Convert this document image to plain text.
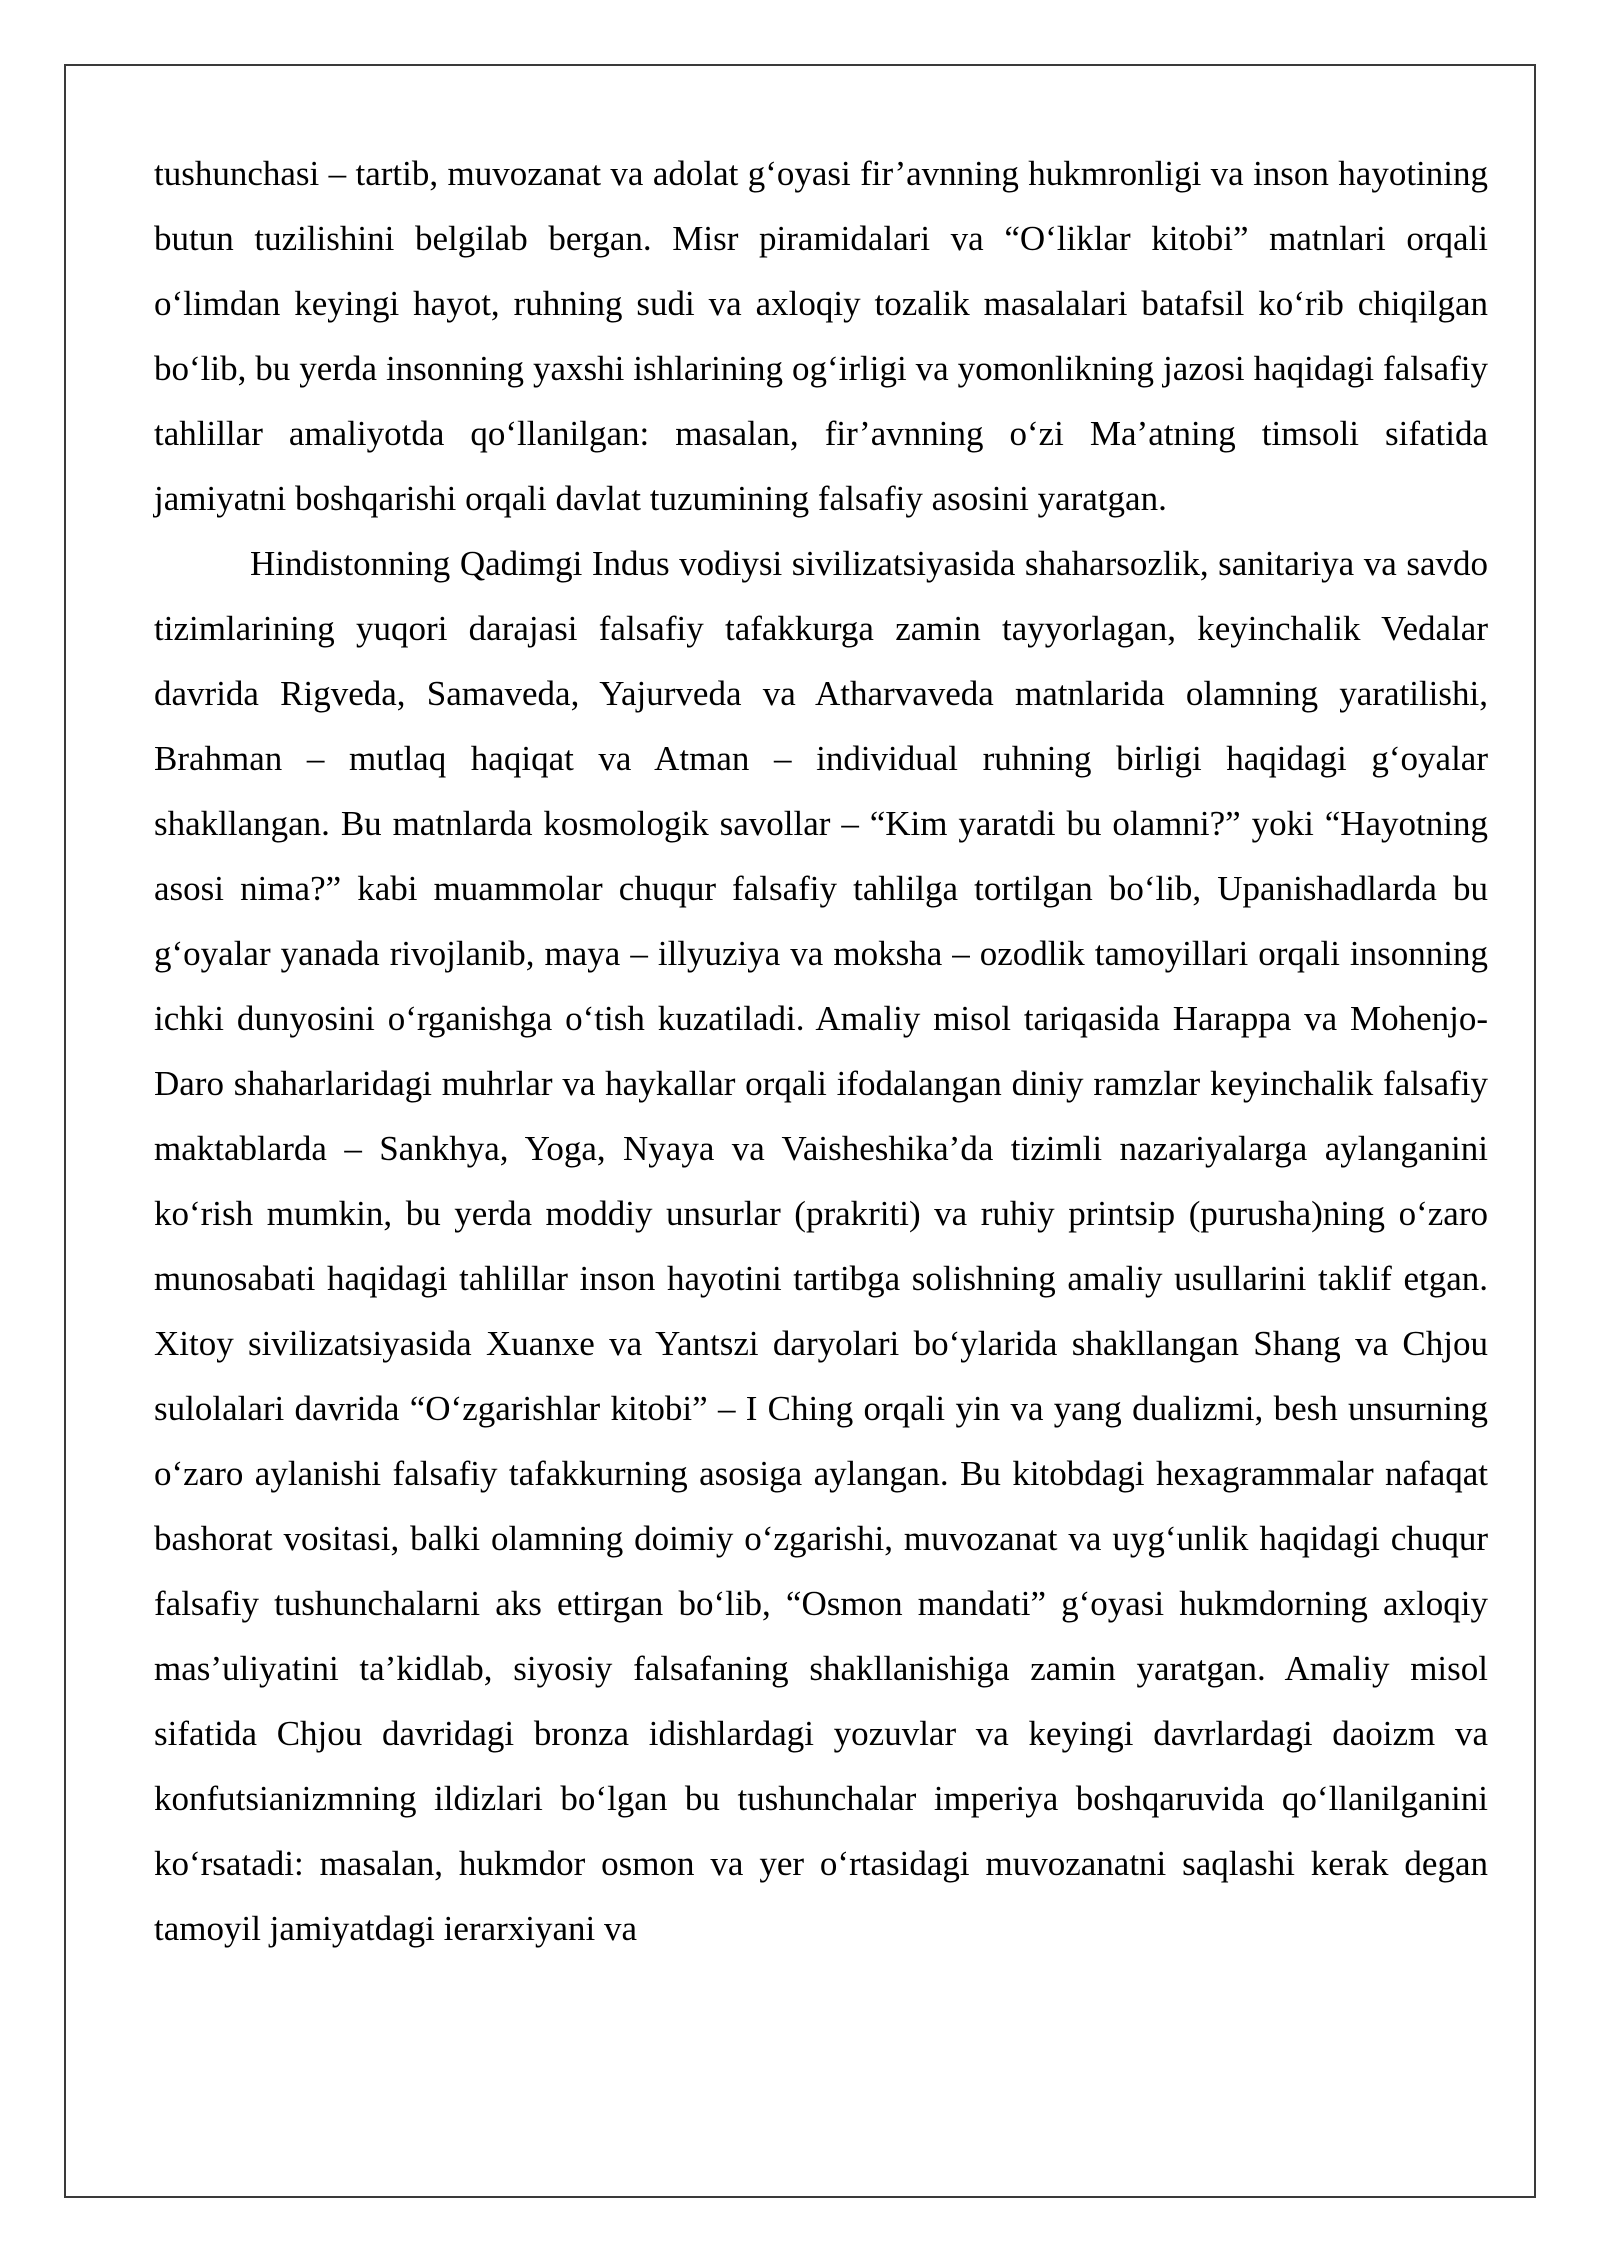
tushunchasi – tartib, muvozanat va adolat g‘oyasi fir’avnning hukmronligi va inson hayotining butun tuzilishini belgilab bergan. Misr piramidalari va “O‘liklar kitobi” matnlari orqali o‘limdan keyingi hayot, ruhning sudi va axloqiy tozalik masalalari batafsil ko‘rib chiqilgan bo‘lib, bu yerda insonning yaxshi ishlarining og‘irligi va yomonlikning jazosi haqidagi falsafiy tahlillar amaliyotda qo‘llanilgan: masalan, fir’avnning o‘zi Ma’atning timsoli sifatida jamiyatni boshqarishi orqali davlat tuzumining falsafiy asosini yaratgan.

Hindistonning Qadimgi Indus vodiysi sivilizatsiyasida shaharsozlik, sanitariya va savdo tizimlarining yuqori darajasi falsafiy tafakkurga zamin tayyorlagan, keyinchalik Vedalar davrida Rigveda, Samaveda, Yajurveda va Atharvaveda matnlarida olamning yaratilishi, Brahman – mutlaq haqiqat va Atman – individual ruhning birligi haqidagi g‘oyalar shakllangan. Bu matnlarda kosmologik savollar – “Kim yaratdi bu olamni?” yoki “Hayotning asosi nima?” kabi muammolar chuqur falsafiy tahlilga tortilgan bo‘lib, Upanishadlarda bu g‘oyalar yanada rivojlanib, maya – illyuziya va moksha – ozodlik tamoyillari orqali insonning ichki dunyosini o‘rganishga o‘tish kuzatiladi. Amaliy misol tariqasida Harappa va Mohenjo-Daro shaharlaridagi muhrlar va haykallar orqali ifodalangan diniy ramzlar keyinchalik falsafiy maktablarda – Sankhya, Yoga, Nyaya va Vaisheshika’da tizimli nazariyalarga aylanganini ko‘rish mumkin, bu yerda moddiy unsurlar (prakriti) va ruhiy printsip (purusha)ning o‘zaro munosabati haqidagi tahlillar inson hayotini tartibga solishning amaliy usullarini taklif etgan. Xitoy sivilizatsiyasida Xuanxe va Yantszi daryolari bo‘ylarida shakllangan Shang va Chjou sulolalari davrida “O‘zgarishlar kitobi” – I Ching orqali yin va yang dualizmi, besh unsurning o‘zaro aylanishi falsafiy tafakkurning asosiga aylangan. Bu kitobdagi hexagrammalar nafaqat bashorat vositasi, balki olamning doimiy o‘zgarishi, muvozanat va uyg‘unlik haqidagi chuqur falsafiy tushunchalarni aks ettirgan bo‘lib, “Osmon mandati” g‘oyasi hukmdorning axloqiy mas’uliyatini ta’kidlab, siyosiy falsafaning shakllanishiga zamin yaratgan. Amaliy misol sifatida Chjou davridagi bronza idishlardagi yozuvlar va keyingi davrlardagi daoizm va konfutsianizmning ildizlari bo‘lgan bu tushunchalar imperiya boshqaruvida qo‘llanilganini ko‘rsatadi: masalan, hukmdor osmon va yer o‘rtasidagi muvozanatni saqlashi kerak degan tamoyil jamiyatdagi ierarxiyani va
